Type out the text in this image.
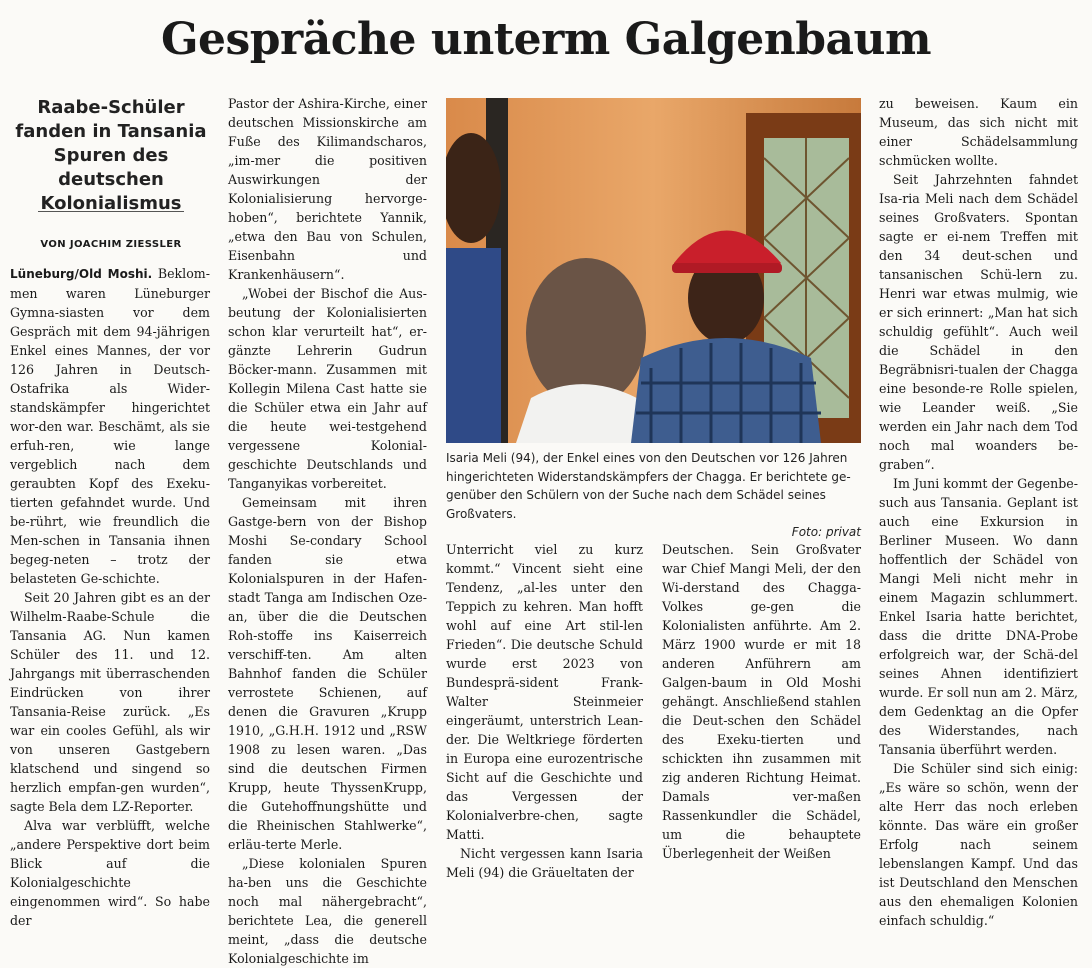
Gespräche unterm Galgenbaum
Raabe-Schüler fanden in Tansania Spuren des deutschen Kolonialismus
VON JOACHIM ZIESSLER

Lüneburg/Old Moshi. Beklom-men waren Lüneburger Gymna-siasten vor dem Gespräch mit dem 94-jährigen Enkel eines Mannes, der vor 126 Jahren in Deutsch-Ostafrika als Wider-standskämpfer hingerichtet wor-den war. Beschämt, als sie erfuh-ren, wie lange vergeblich nach dem geraubten Kopf des Exeku-tierten gefahndet wurde. Und be-rührt, wie freundlich die Men-schen in Tansania ihnen begeg-neten – trotz der belasteten Ge-schichte.

Seit 20 Jahren gibt es an der Wilhelm-Raabe-Schule die Tansania AG. Nun kamen Schüler des 11. und 12. Jahrgangs mit überraschenden Eindrücken von ihrer Tansania-Reise zurück. „Es war ein cooles Gefühl, als wir von unseren Gastgebern klatschend und singend so herzlich empfan-gen wurden“, sagte Bela dem LZ-Reporter.

Alva war verblüfft, welche „andere Perspektive dort beim Blick auf die Kolonialgeschichte eingenommen wird“. So habe der

Pastor der Ashira-Kirche, einer deutschen Missionskirche am Fuße des Kilimandscharos, „im-mer die positiven Auswirkungen der Kolonialisierung hervorge-hoben“, berichtete Yannik, „etwa den Bau von Schulen, Eisenbahn und Krankenhäusern“.

„Wobei der Bischof die Aus-beutung der Kolonialisierten schon klar verurteilt hat“, er-gänzte Lehrerin Gudrun Böcker-mann. Zusammen mit Kollegin Milena Cast hatte sie die Schüler etwa ein Jahr auf die heute wei-testgehend vergessene Kolonial-geschichte Deutschlands und Tanganyikas vorbereitet.

Gemeinsam mit ihren Gastge-bern von der Bishop Moshi Se-condary School fanden sie etwa Kolonialspuren in der Hafen-stadt Tanga am Indischen Oze-an, über die die Deutschen Roh-stoffe ins Kaiserreich verschiff-ten. Am alten Bahnhof fanden die Schüler verrostete Schienen, auf denen die Gravuren „Krupp 1910, „G.H.H. 1912 und „RSW 1908 zu lesen waren. „Das sind die deutschen Firmen Krupp, heute ThyssenKrupp, die Gutehoffnungshütte und die Rheinischen Stahlwerke“, erläu-terte Merle.

„Diese kolonialen Spuren ha-ben uns die Geschichte noch mal nähergebracht“, berichtete Lea, die generell meint, „dass die deutsche Kolonialgeschichte im

Isaria Meli (94), der Enkel eines von den Deutschen vor 126 Jahren hingerichteten Widerstandskämpfers der Chagga. Er berichtete ge-genüber den Schülern von der Suche nach dem Schädel seines Großvaters.
Foto: privat

Unterricht viel zu kurz kommt.“ Vincent sieht eine Tendenz, „al-les unter den Teppich zu kehren. Man hofft wohl auf eine Art stil-len Frieden“. Die deutsche Schuld wurde erst 2023 von Bundesprä-sident Frank-Walter Steinmeier eingeräumt, unterstrich Lean-der. Die Weltkriege förderten in Europa eine eurozentrische Sicht auf die Geschichte und das Vergessen der Kolonialverbre-chen, sagte Matti.

Nicht vergessen kann Isaria Meli (94) die Gräueltaten der

Deutschen. Sein Großvater war Chief Mangi Meli, der den Wi-derstand des Chagga-Volkes ge-gen die Kolonialisten anführte. Am 2. März 1900 wurde er mit 18 anderen Anführern am Galgen-baum in Old Moshi gehängt. Anschließend stahlen die Deut-schen den Schädel des Exeku-tierten und schickten ihn zusammen mit zig anderen Richtung Heimat. Damals ver-maßen Rassenkundler die Schädel, um die behauptete Überlegenheit der Weißen

zu beweisen. Kaum ein Museum, das sich nicht mit einer Schädelsammlung schmücken wollte.

Seit Jahrzehnten fahndet Isa-ria Meli nach dem Schädel seines Großvaters. Spontan sagte er ei-nem Treffen mit den 34 deut-schen und tansanischen Schü-lern zu. Henri war etwas mulmig, wie er sich erinnert: „Man hat sich schuldig gefühlt“. Auch weil die Schädel in den Begräbnisri-tualen der Chagga eine besonde-re Rolle spielen, wie Leander weiß. „Sie werden ein Jahr nach dem Tod noch mal woanders be-graben“.

Im Juni kommt der Gegenbe-such aus Tansania. Geplant ist auch eine Exkursion in Berliner Museen. Wo dann hoffentlich der Schädel von Mangi Meli nicht mehr in einem Magazin schlummert. Enkel Isaria hatte berichtet, dass die dritte DNA-Probe erfolgreich war, der Schä-del seines Ahnen identifiziert wurde. Er soll nun am 2. März, dem Gedenktag an die Opfer des Widerstandes, nach Tansania überführt werden.

Die Schüler sind sich einig: „Es wäre so schön, wenn der alte Herr das noch erleben könnte. Das wäre ein großer Erfolg nach seinem lebenslangen Kampf. Und das ist Deutschland den Menschen aus den ehemaligen Kolonien einfach schuldig.“
